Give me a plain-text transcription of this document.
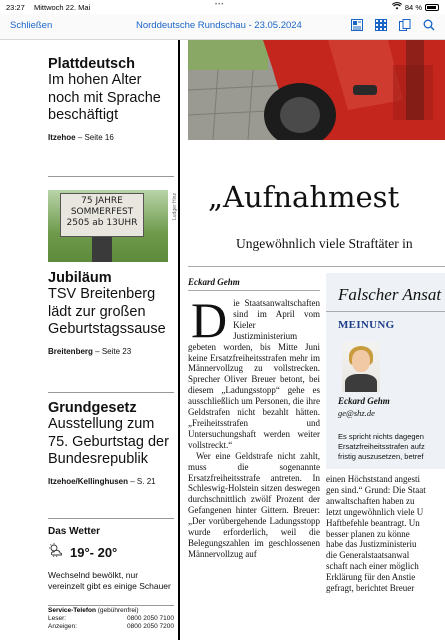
23:27 Mittwoch 22. Mai	•••	84 %
Schließen	Norddeutsche Rundschau - 23.05.2024
Plattdeutsch
Im hohen Alter noch mit Sprache beschäftigt
Itzehoe – Seite 16
75 JAHRE
SOMMERFEST
2505 ab 13UHR
Ludger Hinz
Jubiläum
TSV Breitenberg lädt zur großen Geburtstagssause
Breitenberg – Seite 23
Grundgesetz
Ausstellung zum 75. Geburtstag der Bundesrepublik
Itzehoe/Kellinghusen – S. 21
Das Wetter
19°- 20°
Wechselnd bewölkt, nur vereinzelt gibt es einige Schauer
Service-Telefon (gebührenfrei)
Leser:	0800 2050 7100
Anzeigen:	0800 2050 7200
„Aufnahmest
Ungewöhnlich viele Straftäter in
Eckard Gehm

Die Staatsanwaltschaften sind im April vom Kieler Justizministerium gebeten worden, bis Mitte Juni keine Ersatzfreiheitsstrafen mehr im Männervollzug zu vollstrecken. Sprecher Oliver Breuer betont, bei diesem „Ladungsstopp“ gehe es ausschließlich um Personen, die ihre Geldstrafen nicht bezahlt hätten. „Freiheitsstrafen und Untersuchungshaft werden weiter vollstreckt.“

Wer eine Geldstrafe nicht zahlt, muss die sogenannte Ersatzfreiheitsstrafe antreten. In Schleswig-Holstein sitzen deswegen durchschnittlich zwölf Prozent der Gefangenen hinter Gittern. Breuer: „Der vorübergehende Ladungsstopp wurde erforderlich, weil die Belegungszahlen im geschlossenen Männervollzug auf

Falscher Ansat
MEINUNG
Eckard Gehm
ge@shz.de
Es spricht nichts dagegen
Ersatzfreiheitsstrafen aufz
fristig auszusetzen, betref
einen Höchststand angesti
gen sind.“ Grund: Die Staat
anwaltschaften haben zu
letzt ungewöhnlich viele U
Haftbefehle beantragt. Un
besser planen zu könne
habe das Justizministeriu
die Generalstaatsanwal
schaft nach einer möglich
Erklärung für den Anstie
gefragt, berichtet Breuer
